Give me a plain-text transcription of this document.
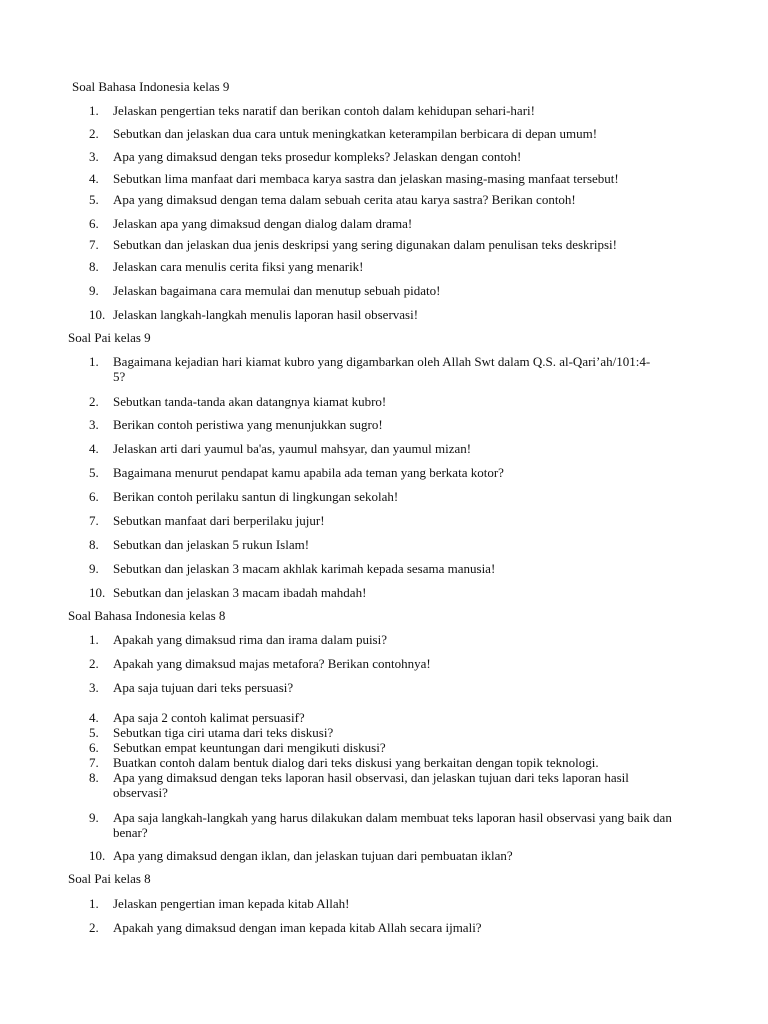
Soal Bahasa Indonesia kelas 9
1.	Jelaskan pengertian teks naratif dan berikan contoh dalam kehidupan sehari-hari!
2.	Sebutkan dan jelaskan dua cara untuk meningkatkan keterampilan berbicara di depan umum!
3.	Apa yang dimaksud dengan teks prosedur kompleks? Jelaskan dengan contoh!
4.	Sebutkan lima manfaat dari membaca karya sastra dan jelaskan masing-masing manfaat tersebut!
5.	Apa yang dimaksud dengan tema dalam sebuah cerita atau karya sastra? Berikan contoh!
6.	Jelaskan apa yang dimaksud dengan dialog dalam drama!
7.	Sebutkan dan jelaskan dua jenis deskripsi yang sering digunakan dalam penulisan teks deskripsi!
8.	Jelaskan cara menulis cerita fiksi yang menarik!
9.	Jelaskan bagaimana cara memulai dan menutup sebuah pidato!
10. Jelaskan langkah-langkah menulis laporan hasil observasi!
Soal Pai kelas 9
1.	Bagaimana kejadian hari kiamat kubro yang digambarkan oleh Allah Swt dalam Q.S. al-Qari’ah/101:4-5?
2.	Sebutkan tanda-tanda akan datangnya kiamat kubro!
3.	Berikan contoh peristiwa yang menunjukkan sugro!
4.	Jelaskan arti dari yaumul ba'as, yaumul mahsyar, dan yaumul mizan!
5.	Bagaimana menurut pendapat kamu apabila ada teman yang berkata kotor?
6.	Berikan contoh perilaku santun di lingkungan sekolah!
7.	Sebutkan manfaat dari berperilaku jujur!
8.	Sebutkan dan jelaskan 5 rukun Islam!
9.	Sebutkan dan jelaskan 3 macam akhlak karimah kepada sesama manusia!
10. Sebutkan dan jelaskan 3 macam ibadah mahdah!
Soal Bahasa Indonesia kelas 8
1.	Apakah yang dimaksud rima dan irama dalam puisi?
2.	Apakah yang dimaksud majas metafora? Berikan contohnya!
3.	Apa saja tujuan dari teks persuasi?
4.	Apa saja 2 contoh kalimat persuasif?
5.	Sebutkan tiga ciri utama dari teks diskusi?
6.	Sebutkan empat keuntungan dari mengikuti diskusi?
7.	Buatkan contoh dalam bentuk dialog dari teks diskusi yang berkaitan dengan topik teknologi.
8.	Apa yang dimaksud dengan teks laporan hasil observasi, dan jelaskan tujuan dari teks laporan hasil observasi?
9.	Apa saja langkah-langkah yang harus dilakukan dalam membuat teks laporan hasil observasi yang baik dan benar?
10. Apa yang dimaksud dengan iklan, dan jelaskan tujuan dari pembuatan iklan?
Soal Pai kelas 8
1.	Jelaskan pengertian iman kepada kitab Allah!
2.	Apakah yang dimaksud dengan iman kepada kitab Allah secara ijmali?
